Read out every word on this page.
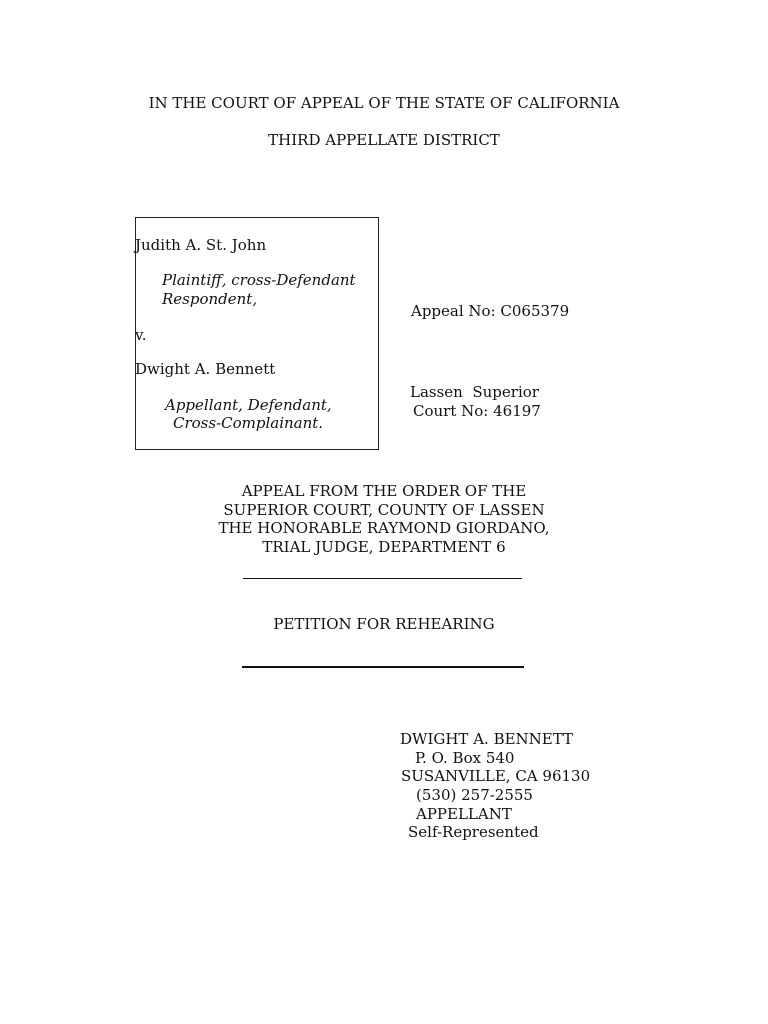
IN THE COURT OF APPEAL OF THE STATE OF CALIFORNIA
THIRD APPELLATE DISTRICT
Judith A. St. John
Plaintiff, cross-Defendant
Respondent,
v.
Dwight A. Bennett
Appellant, Defendant,
Cross-Complainant.
Appeal No: C065379
Lassen  Superior
Court No: 46197
APPEAL FROM THE ORDER OF THE
SUPERIOR COURT, COUNTY OF LASSEN
THE HONORABLE RAYMOND GIORDANO,
TRIAL JUDGE, DEPARTMENT 6
PETITION FOR REHEARING
DWIGHT A. BENNETT
P. O. Box 540
SUSANVILLE, CA 96130
(530) 257-2555
APPELLANT
Self-Represented
